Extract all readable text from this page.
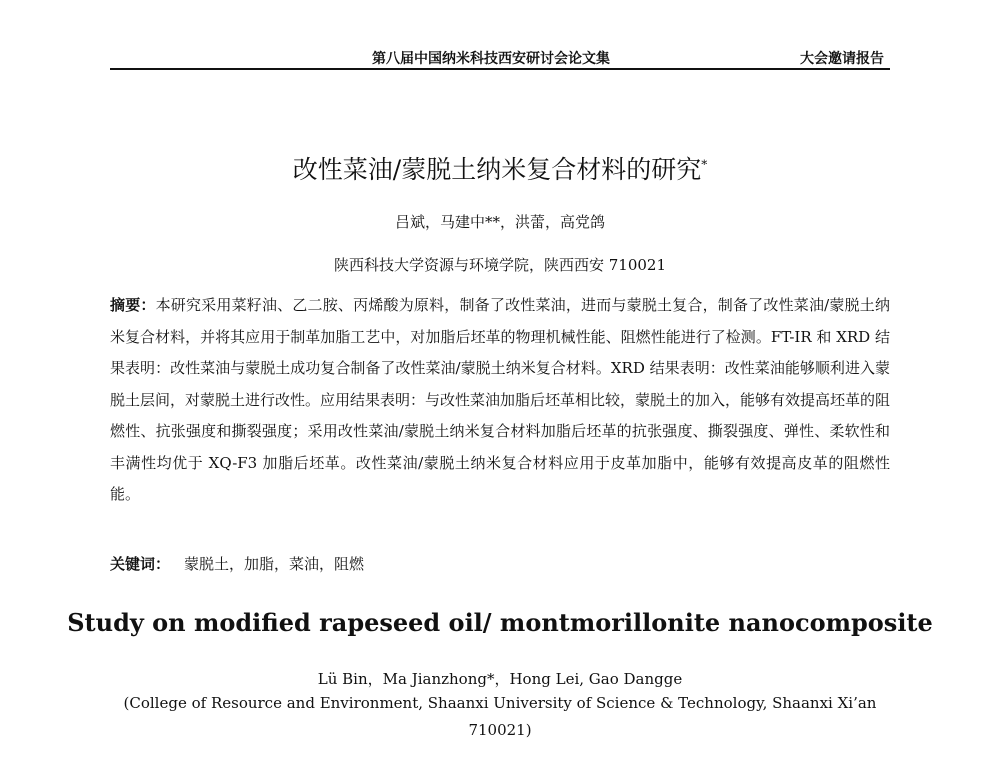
第八届中国纳米科技西安研讨会论文集	大会邀请报告
改性菜油/蒙脱土纳米复合材料的研究*
吕斌，马建中**，洪蕾，高党鸽
陕西科技大学资源与环境学院，陕西西安 710021
摘要：本研究采用菜籽油、乙二胺、丙烯酸为原料，制备了改性菜油，进而与蒙脱土复合，制备了改性菜油/蒙脱土纳米复合材料，并将其应用于制革加脂工艺中，对加脂后坯革的物理机械性能、阻燃性能进行了检测。FT-IR 和 XRD 结果表明：改性菜油与蒙脱土成功复合制备了改性菜油/蒙脱土纳米复合材料。XRD 结果表明：改性菜油能够顺利进入蒙脱土层间，对蒙脱土进行改性。应用结果表明：与改性菜油加脂后坯革相比较，蒙脱土的加入，能够有效提高坯革的阻燃性、抗张强度和撕裂强度；采用改性菜油/蒙脱土纳米复合材料加脂后坯革的抗张强度、撕裂强度、弹性、柔软性和丰满性均优于 XQ-F3 加脂后坯革。改性菜油/蒙脱土纳米复合材料应用于皮革加脂中，能够有效提高皮革的阻燃性能。
关键词： 蒙脱土，加脂，菜油，阻燃
Study on modified rapeseed oil/ montmorillonite nanocomposite
Lü Bin，Ma Jianzhong*，Hong Lei, Gao Dangge
(College of Resource and Environment, Shaanxi University of Science & Technology, Shaanxi Xi’an
710021)
